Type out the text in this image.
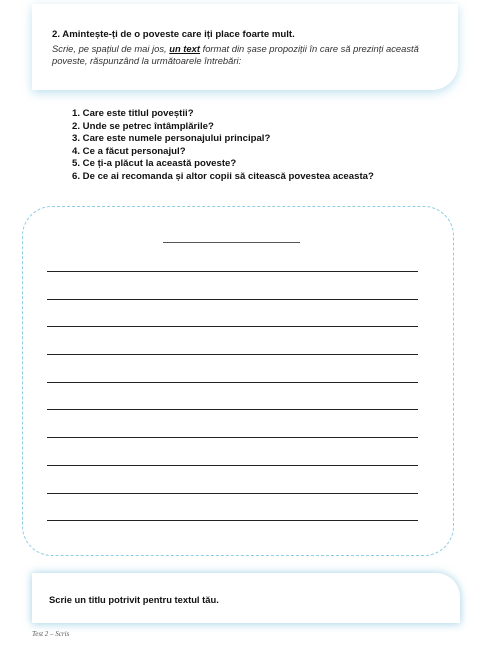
2. Amintește-ți de o poveste care iți place foarte mult.
Scrie, pe spațiul de mai jos, un text format din șase propoziții în care să prezinți această poveste, răspunzând la următoarele întrebări:
1. Care este titlul poveștii?
2. Unde se petrec întâmplările?
3. Care este numele personajului principal?
4. Ce a făcut personajul?
5. Ce ți-a plăcut la această poveste?
6. De ce ai recomanda și altor copii să citească povestea aceasta?
Scrie un titlu potrivit pentru textul tău.
Test 2 – Scris
